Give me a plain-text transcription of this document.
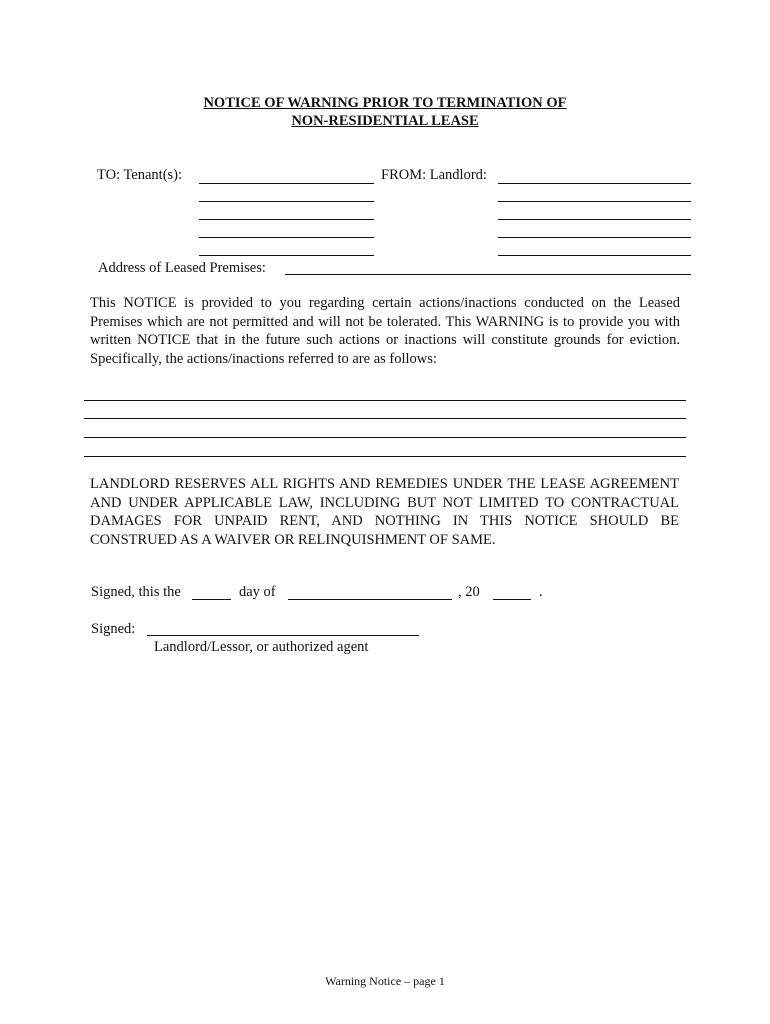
NOTICE OF WARNING PRIOR TO TERMINATION OF
NON-RESIDENTIAL LEASE
TO: Tenant(s):	FROM: Landlord:
Address of Leased Premises:
This NOTICE is provided to you regarding certain actions/inactions conducted on the Leased Premises which are not permitted and will not be tolerated. This WARNING is to provide you with written NOTICE that in the future such actions or inactions will constitute grounds for eviction. Specifically, the actions/inactions referred to are as follows:
LANDLORD RESERVES ALL RIGHTS AND REMEDIES UNDER THE LEASE AGREEMENT AND UNDER APPLICABLE LAW, INCLUDING BUT NOT LIMITED TO CONTRACTUAL DAMAGES FOR UNPAID RENT, AND NOTHING IN THIS NOTICE SHOULD BE CONSTRUED AS A WAIVER OR RELINQUISHMENT OF SAME.
Signed, this the	day of	, 20	.
Signed:
Landlord/Lessor, or authorized agent
Warning Notice – page 1
